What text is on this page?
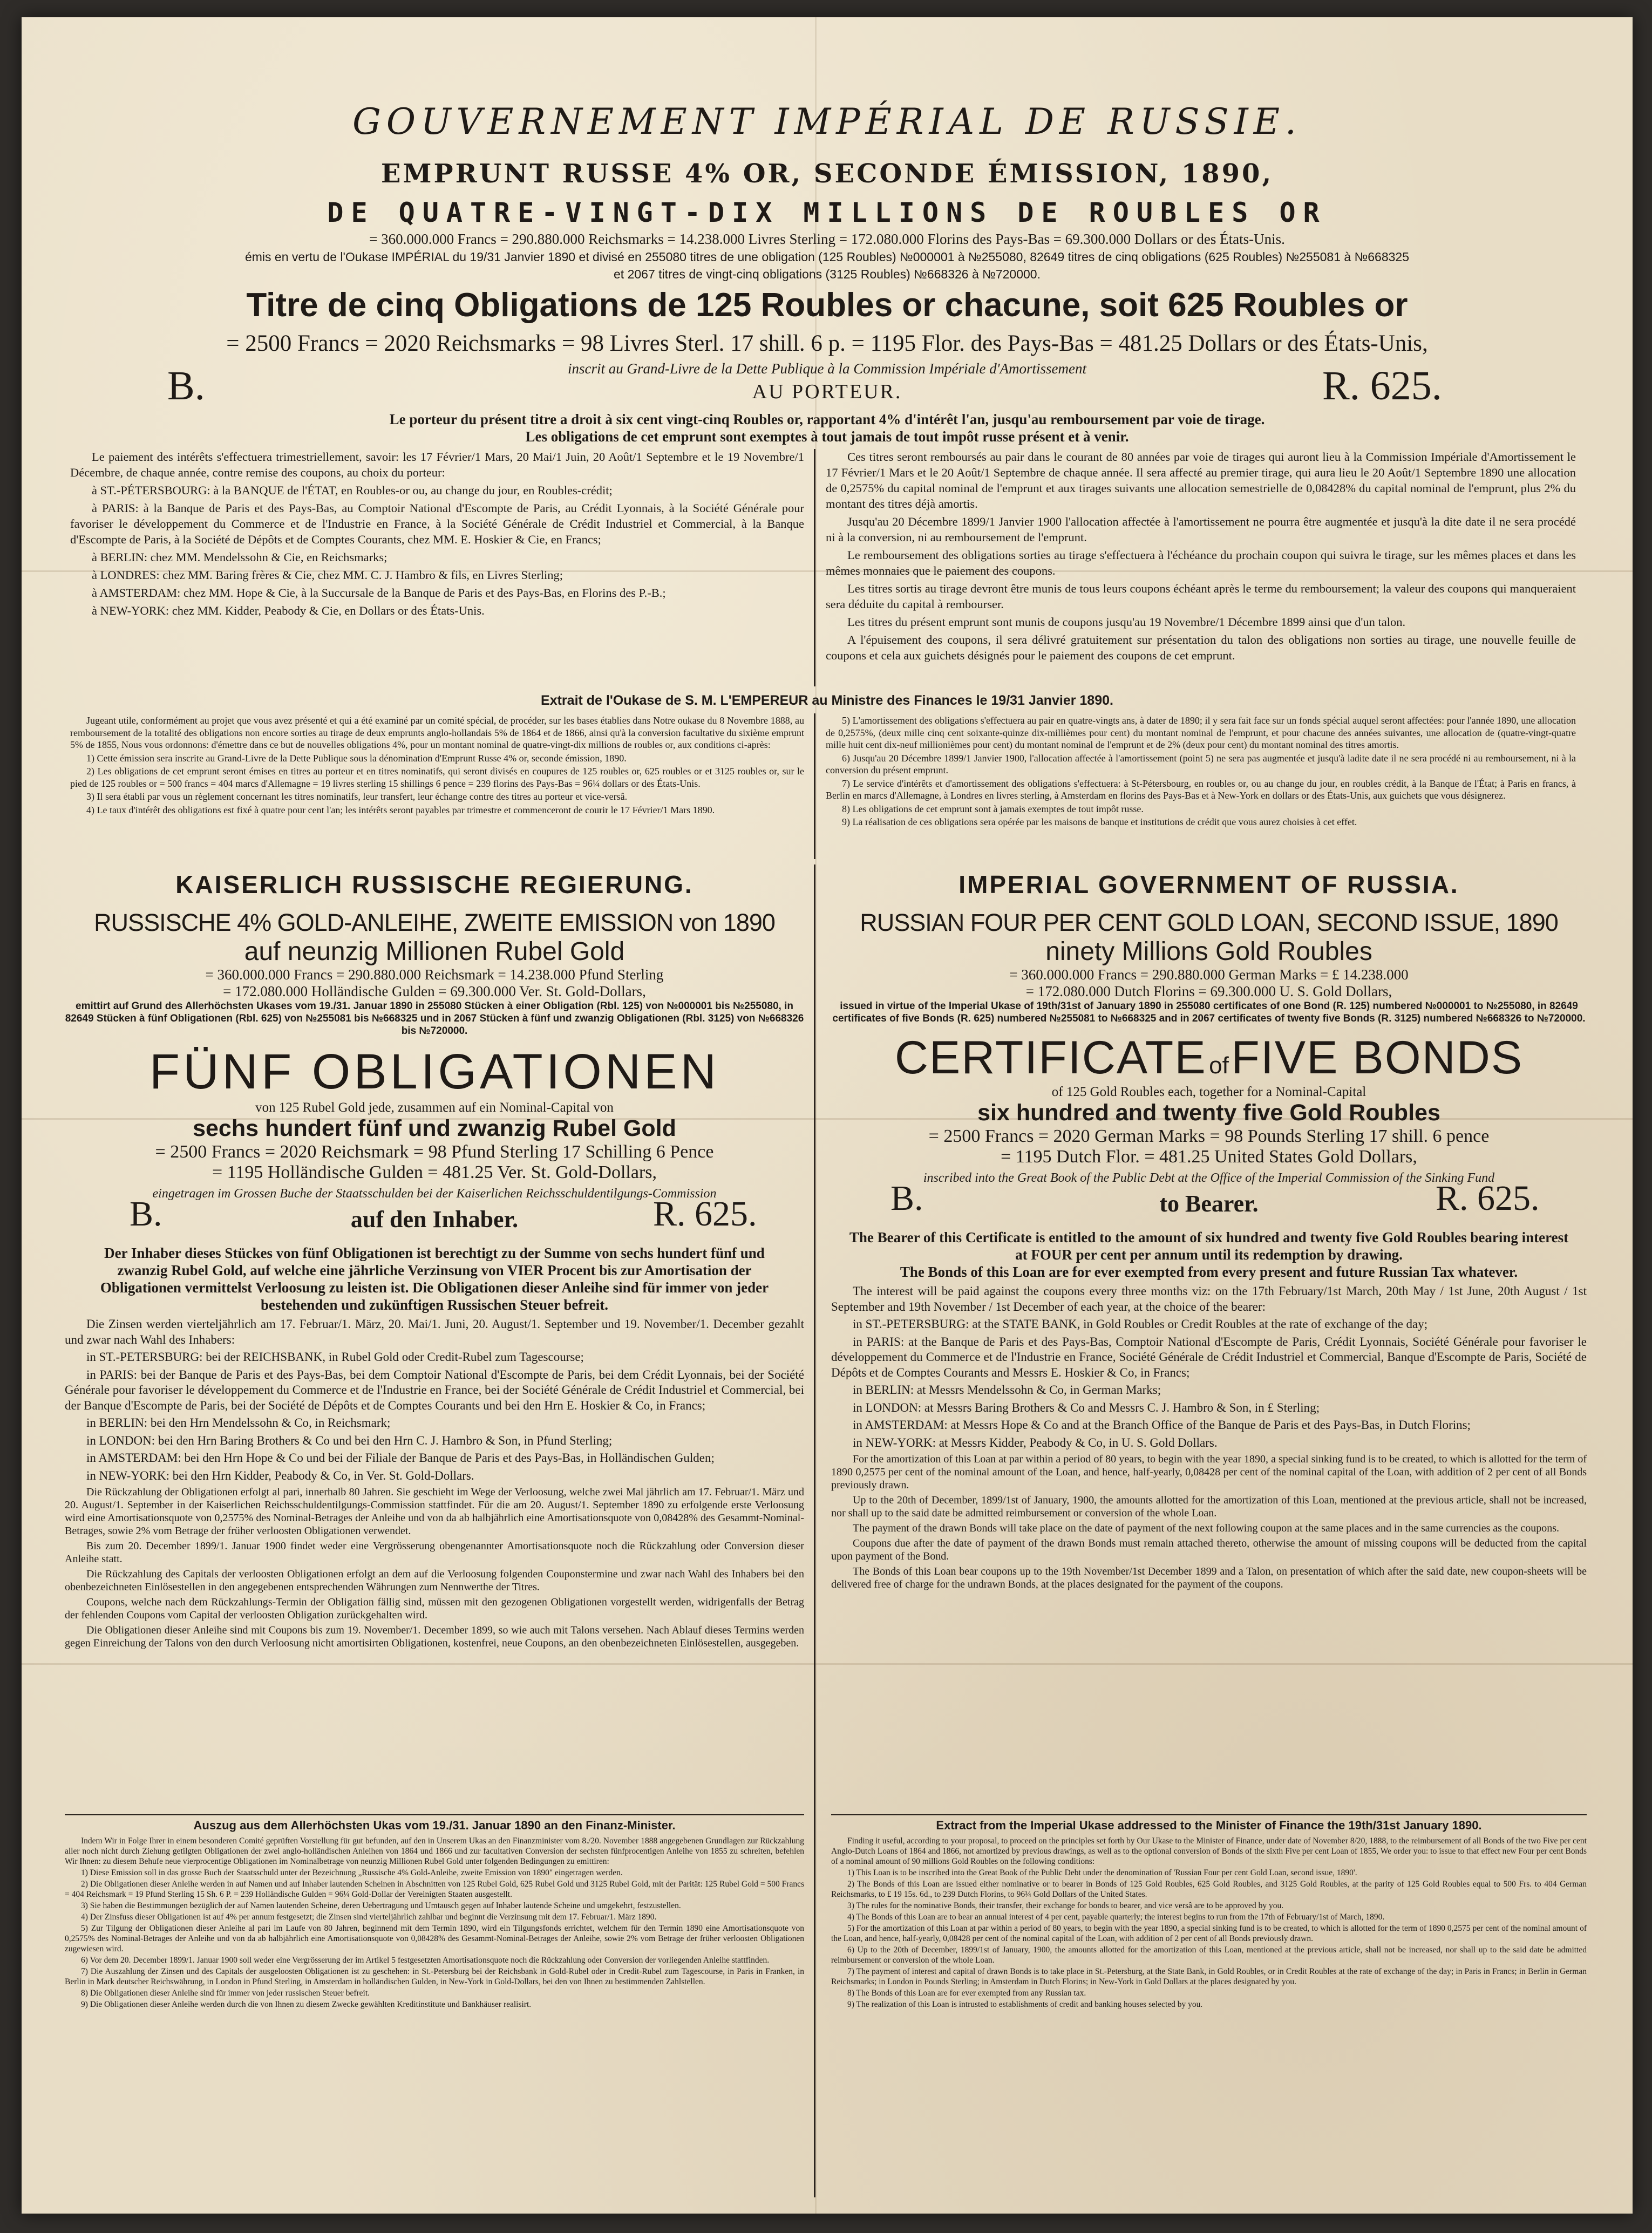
GOUVERNEMENT IMPÉRIAL DE RUSSIE.
EMPRUNT RUSSE 4% OR, SECONDE ÉMISSION, 1890,
DE QUATRE-VINGT-DIX MILLIONS DE ROUBLES OR
= 360.000.000 Francs = 290.880.000 Reichsmarks = 14.238.000 Livres Sterling = 172.080.000 Florins des Pays-Bas = 69.300.000 Dollars or des États-Unis.
émis en vertu de l'Oukase IMPÉRIAL du 19/31 Janvier 1890 et divisé en 255080 titres de une obligation (125 Roubles) №000001 à №255080, 82649 titres de cinq obligations (625 Roubles) №255081 à №668325
et 2067 titres de vingt-cinq obligations (3125 Roubles) №668326 à №720000.
Titre de cinq Obligations de 125 Roubles or chacune, soit 625 Roubles or
= 2500 Francs = 2020 Reichsmarks = 98 Livres Sterl. 17 shill. 6 p. = 1195 Flor. des Pays-Bas = 481.25 Dollars or des États-Unis,
inscrit au Grand-Livre de la Dette Publique à la Commission Impériale d'Amortissement
B.	AU PORTEUR.	R. 625.
Le porteur du présent titre a droit à six cent vingt-cinq Roubles or, rapportant 4% d'intérêt l'an, jusqu'au remboursement par voie de tirage.
Les obligations de cet emprunt sont exemptes à tout jamais de tout impôt russe présent et à venir.

Le paiement des intérêts s'effectuera trimestriellement, savoir: les 17 Février/1 Mars, 20 Mai/1 Juin, 20 Août/1 Septembre et le 19 Novembre/1 Décembre, de chaque année, contre remise des coupons, au choix du porteur:

à ST.-PÉTERSBOURG: à la BANQUE de l'ÉTAT, en Roubles-or ou, au change du jour, en Roubles-crédit;

à PARIS: à la Banque de Paris et des Pays-Bas, au Comptoir National d'Escompte de Paris, au Crédit Lyonnais, à la Société Générale pour favoriser le développement du Commerce et de l'Industrie en France, à la Société Générale de Crédit Industriel et Commercial, à la Banque d'Escompte de Paris, à la Société de Dépôts et de Comptes Courants, chez MM. E. Hoskier & Cie, en Francs;

à BERLIN: chez MM. Mendelssohn & Cie, en Reichsmarks;

à LONDRES: chez MM. Baring frères & Cie, chez MM. C. J. Hambro & fils, en Livres Sterling;

à AMSTERDAM: chez MM. Hope & Cie, à la Succursale de la Banque de Paris et des Pays-Bas, en Florins des P.-B.;

à NEW-YORK: chez MM. Kidder, Peabody & Cie, en Dollars or des États-Unis.

Ces titres seront remboursés au pair dans le courant de 80 années par voie de tirages qui auront lieu à la Commission Impériale d'Amortissement le 17 Février/1 Mars et le 20 Août/1 Septembre de chaque année. Il sera affecté au premier tirage, qui aura lieu le 20 Août/1 Septembre 1890 une allocation de 0,2575% du capital nominal de l'emprunt et aux tirages suivants une allocation semestrielle de 0,08428% du capital nominal de l'emprunt, plus 2% du montant des titres déjà amortis.

Jusqu'au 20 Décembre 1899/1 Janvier 1900 l'allocation affectée à l'amortissement ne pourra être augmentée et jusqu'à la dite date il ne sera procédé ni à la conversion, ni au remboursement de l'emprunt.

Le remboursement des obligations sorties au tirage s'effectuera à l'échéance du prochain coupon qui suivra le tirage, sur les mêmes places et dans les mêmes monnaies que le paiement des coupons.

Les titres sortis au tirage devront être munis de tous leurs coupons échéant après le terme du remboursement; la valeur des coupons qui manqueraient sera déduite du capital à rembourser.

Les titres du présent emprunt sont munis de coupons jusqu'au 19 Novembre/1 Décembre 1899 ainsi que d'un talon.

A l'épuisement des coupons, il sera délivré gratuitement sur présentation du talon des obligations non sorties au tirage, une nouvelle feuille de coupons et cela aux guichets désignés pour le paiement des coupons de cet emprunt.

Extrait de l'Oukase de S. M. L'EMPEREUR au Ministre des Finances le 19/31 Janvier 1890.

Jugeant utile, conformément au projet que vous avez présenté et qui a été examiné par un comité spécial, de procéder, sur les bases établies dans Notre oukase du 8 Novembre 1888, au remboursement de la totalité des obligations non encore sorties au tirage de deux emprunts anglo-hollandais 5% de 1864 et de 1866, ainsi qu'à la conversion facultative du sixième emprunt 5% de 1855, Nous vous ordonnons: d'émettre dans ce but de nouvelles obligations 4%, pour un montant nominal de quatre-vingt-dix millions de roubles or, aux conditions ci-après:

1) Cette émission sera inscrite au Grand-Livre de la Dette Publique sous la dénomination d'Emprunt Russe 4% or, seconde émission, 1890.

2) Les obligations de cet emprunt seront émises en titres au porteur et en titres nominatifs, qui seront divisés en coupures de 125 roubles or, 625 roubles or et 3125 roubles or, sur le pied de 125 roubles or = 500 francs = 404 marcs d'Allemagne = 19 livres sterling 15 shillings 6 pence = 239 florins des Pays-Bas = 96¼ dollars or des États-Unis.

3) Il sera établi par vous un règlement concernant les titres nominatifs, leur transfert, leur échange contre des titres au porteur et vice-versâ.

4) Le taux d'intérêt des obligations est fixé à quatre pour cent l'an; les intérêts seront payables par trimestre et commenceront de courir le 17 Février/1 Mars 1890.

5) L'amortissement des obligations s'effectuera au pair en quatre-vingts ans, à dater de 1890; il y sera fait face sur un fonds spécial auquel seront affectées: pour l'année 1890, une allocation de 0,2575%, (deux mille cinq cent soixante-quinze dix-millièmes pour cent) du montant nominal de l'emprunt, et pour chacune des années suivantes, une allocation de (quatre-vingt-quatre mille huit cent dix-neuf millionièmes pour cent) du montant nominal de l'emprunt et de 2% (deux pour cent) du montant nominal des titres amortis.

6) Jusqu'au 20 Décembre 1899/1 Janvier 1900, l'allocation affectée à l'amortissement (point 5) ne sera pas augmentée et jusqu'à ladite date il ne sera procédé ni au remboursement, ni à la conversion du présent emprunt.

7) Le service d'intérêts et d'amortissement des obligations s'effectuera: à St-Pétersbourg, en roubles or, ou au change du jour, en roubles crédit, à la Banque de l'État; à Paris en francs, à Berlin en marcs d'Allemagne, à Londres en livres sterling, à Amsterdam en florins des Pays-Bas et à New-York en dollars or des États-Unis, aux guichets que vous désignerez.

8) Les obligations de cet emprunt sont à jamais exemptes de tout impôt russe.

9) La réalisation de ces obligations sera opérée par les maisons de banque et institutions de crédit que vous aurez choisies à cet effet.

KAISERLICH RUSSISCHE REGIERUNG.
RUSSISCHE 4% GOLD-ANLEIHE, ZWEITE EMISSION von 1890
auf neunzig Millionen Rubel Gold
= 360.000.000 Francs = 290.880.000 Reichsmark = 14.238.000 Pfund Sterling
= 172.080.000 Holländische Gulden = 69.300.000 Ver. St. Gold-Dollars,
emittirt auf Grund des Allerhöchsten Ukases vom 19./31. Januar 1890 in 255080 Stücken à einer Obligation (Rbl. 125) von №000001 bis №255080, in 82649 Stücken à fünf Obligationen (Rbl. 625) von №255081 bis №668325 und in 2067 Stücken à fünf und zwanzig Obligationen (Rbl. 3125) von №668326 bis №720000.
FÜNF OBLIGATIONEN
von 125 Rubel Gold jede, zusammen auf ein Nominal-Capital von
sechs hundert fünf und zwanzig Rubel Gold
= 2500 Francs = 2020 Reichsmark = 98 Pfund Sterling 17 Schilling 6 Pence
= 1195 Holländische Gulden = 481.25 Ver. St. Gold-Dollars,
eingetragen im Grossen Buche der Staatsschulden bei der Kaiserlichen Reichsschuldentilgungs-Commission
B.	auf den Inhaber.	R. 625.
Der Inhaber dieses Stückes von fünf Obligationen ist berechtigt zu der Summe von sechs hundert fünf und zwanzig Rubel Gold, auf welche eine jährliche Verzinsung von VIER Procent bis zur Amortisation der Obligationen vermittelst Verloosung zu leisten ist. Die Obligationen dieser Anleihe sind für immer von jeder bestehenden und zukünftigen Russischen Steuer befreit.

Die Zinsen werden vierteljährlich am 17. Februar/1. März, 20. Mai/1. Juni, 20. August/1. September und 19. November/1. December gezahlt und zwar nach Wahl des Inhabers:

in ST.-PETERSBURG: bei der REICHSBANK, in Rubel Gold oder Credit-Rubel zum Tagescourse;

in PARIS: bei der Banque de Paris et des Pays-Bas, bei dem Comptoir National d'Escompte de Paris, bei dem Crédit Lyonnais, bei der Société Générale pour favoriser le développement du Commerce et de l'Industrie en France, bei der Société Générale de Crédit Industriel et Commercial, bei der Banque d'Escompte de Paris, bei der Société de Dépôts et de Comptes Courants und bei den Hrn E. Hoskier & Co, in Francs;

in BERLIN: bei den Hrn Mendelssohn & Co, in Reichsmark;

in LONDON: bei den Hrn Baring Brothers & Co und bei den Hrn C. J. Hambro & Son, in Pfund Sterling;

in AMSTERDAM: bei den Hrn Hope & Co und bei der Filiale der Banque de Paris et des Pays-Bas, in Holländischen Gulden;

in NEW-YORK: bei den Hrn Kidder, Peabody & Co, in Ver. St. Gold-Dollars.

Die Rückzahlung der Obligationen erfolgt al pari, innerhalb 80 Jahren. Sie geschieht im Wege der Verloosung, welche zwei Mal jährlich am 17. Februar/1. März und 20. August/1. September in der Kaiserlichen Reichsschuldentilgungs-Commission stattfindet. Für die am 20. August/1. September 1890 zu erfolgende erste Verloosung wird eine Amortisationsquote von 0,2575% des Nominal-Betrages der Anleihe und von da ab halbjährlich eine Amortisationsquote von 0,08428% des Gesammt-Nominal-Betrages, sowie 2% vom Betrage der früher verloosten Obligationen verwendet.

Bis zum 20. December 1899/1. Januar 1900 findet weder eine Vergrösserung obengenannter Amortisationsquote noch die Rückzahlung oder Conversion dieser Anleihe statt.

Die Rückzahlung des Capitals der verloosten Obligationen erfolgt an dem auf die Verloosung folgenden Couponstermine und zwar nach Wahl des Inhabers bei den obenbezeichneten Einlösestellen in den angegebenen entsprechenden Währungen zum Nennwerthe der Titres.

Coupons, welche nach dem Rückzahlungs-Termin der Obligation fällig sind, müssen mit den gezogenen Obligationen vorgestellt werden, widrigenfalls der Betrag der fehlenden Coupons vom Capital der verloosten Obligation zurückgehalten wird.

Die Obligationen dieser Anleihe sind mit Coupons bis zum 19. November/1. December 1899, so wie auch mit Talons versehen. Nach Ablauf dieses Termins werden gegen Einreichung der Talons von den durch Verloosung nicht amortisirten Obligationen, kostenfrei, neue Coupons, an den obenbezeichneten Einlösestellen, ausgegeben.

IMPERIAL GOVERNMENT OF RUSSIA.
RUSSIAN FOUR PER CENT GOLD LOAN, SECOND ISSUE, 1890
ninety Millions Gold Roubles
= 360.000.000 Francs = 290.880.000 German Marks = £ 14.238.000
= 172.080.000 Dutch Florins = 69.300.000 U. S. Gold Dollars,
issued in virtue of the Imperial Ukase of 19th/31st of January 1890 in 255080 certificates of one Bond (R. 125) numbered №000001 to №255080, in 82649 certificates of five Bonds (R. 625) numbered №255081 to №668325 and in 2067 certificates of twenty five Bonds (R. 3125) numbered №668326 to №720000.
CERTIFICATE of FIVE BONDS
of 125 Gold Roubles each, together for a Nominal-Capital
six hundred and twenty five Gold Roubles
= 2500 Francs = 2020 German Marks = 98 Pounds Sterling 17 shill. 6 pence
= 1195 Dutch Flor. = 481.25 United States Gold Dollars,
inscribed into the Great Book of the Public Debt at the Office of the Imperial Commission of the Sinking Fund
B.	to Bearer.	R. 625.
The Bearer of this Certificate is entitled to the amount of six hundred and twenty five Gold Roubles bearing interest at FOUR per cent per annum until its redemption by drawing.
The Bonds of this Loan are for ever exempted from every present and future Russian Tax whatever.

The interest will be paid against the coupons every three months viz: on the 17th February/1st March, 20th May / 1st June, 20th August / 1st September and 19th November / 1st December of each year, at the choice of the bearer:

in ST.-PETERSBURG: at the STATE BANK, in Gold Roubles or Credit Roubles at the rate of exchange of the day;

in PARIS: at the Banque de Paris et des Pays-Bas, Comptoir National d'Escompte de Paris, Crédit Lyonnais, Société Générale pour favoriser le développement du Commerce et de l'Industrie en France, Société Générale de Crédit Industriel et Commercial, Banque d'Escompte de Paris, Société de Dépôts et de Comptes Courants and Messrs E. Hoskier & Co, in Francs;

in BERLIN: at Messrs Mendelssohn & Co, in German Marks;

in LONDON: at Messrs Baring Brothers & Co and Messrs C. J. Hambro & Son, in £ Sterling;

in AMSTERDAM: at Messrs Hope & Co and at the Branch Office of the Banque de Paris et des Pays-Bas, in Dutch Florins;

in NEW-YORK: at Messrs Kidder, Peabody & Co, in U. S. Gold Dollars.

For the amortization of this Loan at par within a period of 80 years, to begin with the year 1890, a special sinking fund is to be created, to which is allotted for the term of 1890 0,2575 per cent of the nominal amount of the Loan, and hence, half-yearly, 0,08428 per cent of the nominal capital of the Loan, with addition of 2 per cent of all Bonds previously drawn.

Up to the 20th of December, 1899/1st of January, 1900, the amounts allotted for the amortization of this Loan, mentioned at the previous article, shall not be increased, nor shall up to the said date be admitted reimbursement or conversion of the whole Loan.

The payment of the drawn Bonds will take place on the date of payment of the next following coupon at the same places and in the same currencies as the coupons.

Coupons due after the date of payment of the drawn Bonds must remain attached thereto, otherwise the amount of missing coupons will be deducted from the capital upon payment of the Bond.

The Bonds of this Loan bear coupons up to the 19th November/1st December 1899 and a Talon, on presentation of which after the said date, new coupon-sheets will be delivered free of charge for the undrawn Bonds, at the places designated for the payment of the coupons.

Auszug aus dem Allerhöchsten Ukas vom 19./31. Januar 1890 an den Finanz-Minister.

Indem Wir in Folge Ihrer in einem besonderen Comité geprüften Vorstellung für gut befunden, auf den in Unserem Ukas an den Finanzminister vom 8./20. November 1888 angegebenen Grundlagen zur Rückzahlung aller noch nicht durch Ziehung getilgten Obligationen der zwei anglo-holländischen Anleihen von 1864 und 1866 und zur facultativen Conversion der sechsten fünfprocentigen Anleihe von 1855 zu schreiten, befehlen Wir Ihnen: zu diesem Behufe neue vierprocentige Obligationen im Nominalbetrage von neunzig Millionen Rubel Gold unter folgenden Bedingungen zu emittiren:

1) Diese Emission soll in das grosse Buch der Staatsschuld unter der Bezeichnung „Russische 4% Gold-Anleihe, zweite Emission von 1890" eingetragen werden.

2) Die Obligationen dieser Anleihe werden in auf Namen und auf Inhaber lautenden Scheinen in Abschnitten von 125 Rubel Gold, 625 Rubel Gold und 3125 Rubel Gold, mit der Parität: 125 Rubel Gold = 500 Francs = 404 Reichsmark = 19 Pfund Sterling 15 Sh. 6 P. = 239 Holländische Gulden = 96¼ Gold-Dollar der Vereinigten Staaten ausgestellt.

3) Sie haben die Bestimmungen bezüglich der auf Namen lautenden Scheine, deren Uebertragung und Umtausch gegen auf Inhaber lautende Scheine und umgekehrt, festzustellen.

4) Der Zinsfuss dieser Obligationen ist auf 4% per annum festgesetzt; die Zinsen sind vierteljährlich zahlbar und beginnt die Verzinsung mit dem 17. Februar/1. März 1890.

5) Zur Tilgung der Obligationen dieser Anleihe al pari im Laufe von 80 Jahren, beginnend mit dem Termin 1890, wird ein Tilgungsfonds errichtet, welchem für den Termin 1890 eine Amortisationsquote von 0,2575% des Nominal-Betrages der Anleihe und von da ab halbjährlich eine Amortisationsquote von 0,08428% des Gesammt-Nominal-Betrages der Anleihe, sowie 2% vom Betrage der früher verloosten Obligationen zugewiesen wird.

6) Vor dem 20. December 1899/1. Januar 1900 soll weder eine Vergrösserung der im Artikel 5 festgesetzten Amortisationsquote noch die Rückzahlung oder Conversion der vorliegenden Anleihe stattfinden.

7) Die Auszahlung der Zinsen und des Capitals der ausgeloosten Obligationen ist zu geschehen: in St.-Petersburg bei der Reichsbank in Gold-Rubel oder in Credit-Rubel zum Tagescourse, in Paris in Franken, in Berlin in Mark deutscher Reichswährung, in London in Pfund Sterling, in Amsterdam in holländischen Gulden, in New-York in Gold-Dollars, bei den von Ihnen zu bestimmenden Zahlstellen.

8) Die Obligationen dieser Anleihe sind für immer von jeder russischen Steuer befreit.

9) Die Obligationen dieser Anleihe werden durch die von Ihnen zu diesem Zwecke gewählten Kreditinstitute und Bankhäuser realisirt.

Extract from the Imperial Ukase addressed to the Minister of Finance the 19th/31st January 1890.

Finding it useful, according to your proposal, to proceed on the principles set forth by Our Ukase to the Minister of Finance, under date of November 8/20, 1888, to the reimbursement of all Bonds of the two Five per cent Anglo-Dutch Loans of 1864 and 1866, not amortized by previous drawings, as well as to the optional conversion of Bonds of the sixth Five per cent Loan of 1855, We order you: to issue to that effect new Four per cent Bonds of a nominal amount of 90 millions Gold Roubles on the following conditions:

1) This Loan is to be inscribed into the Great Book of the Public Debt under the denomination of 'Russian Four per cent Gold Loan, second issue, 1890'.

2) The Bonds of this Loan are issued either nominative or to bearer in Bonds of 125 Gold Roubles, 625 Gold Roubles, and 3125 Gold Roubles, at the parity of 125 Gold Roubles equal to 500 Frs. to 404 German Reichsmarks, to £ 19 15s. 6d., to 239 Dutch Florins, to 96¼ Gold Dollars of the United States.

3) The rules for the nominative Bonds, their transfer, their exchange for bonds to bearer, and vice versâ are to be approved by you.

4) The Bonds of this Loan are to bear an annual interest of 4 per cent, payable quarterly; the interest begins to run from the 17th of February/1st of March, 1890.

5) For the amortization of this Loan at par within a period of 80 years, to begin with the year 1890, a special sinking fund is to be created, to which is allotted for the term of 1890 0,2575 per cent of the nominal amount of the Loan, and hence, half-yearly, 0,08428 per cent of the nominal capital of the Loan, with addition of 2 per cent of all Bonds previously drawn.

6) Up to the 20th of December, 1899/1st of January, 1900, the amounts allotted for the amortization of this Loan, mentioned at the previous article, shall not be increased, nor shall up to the said date be admitted reimbursement or conversion of the whole Loan.

7) The payment of interest and capital of drawn Bonds is to take place in St.-Petersburg, at the State Bank, in Gold Roubles, or in Credit Roubles at the rate of exchange of the day; in Paris in Francs; in Berlin in German Reichsmarks; in London in Pounds Sterling; in Amsterdam in Dutch Florins; in New-York in Gold Dollars at the places designated by you.

8) The Bonds of this Loan are for ever exempted from any Russian tax.

9) The realization of this Loan is intrusted to establishments of credit and banking houses selected by you.
